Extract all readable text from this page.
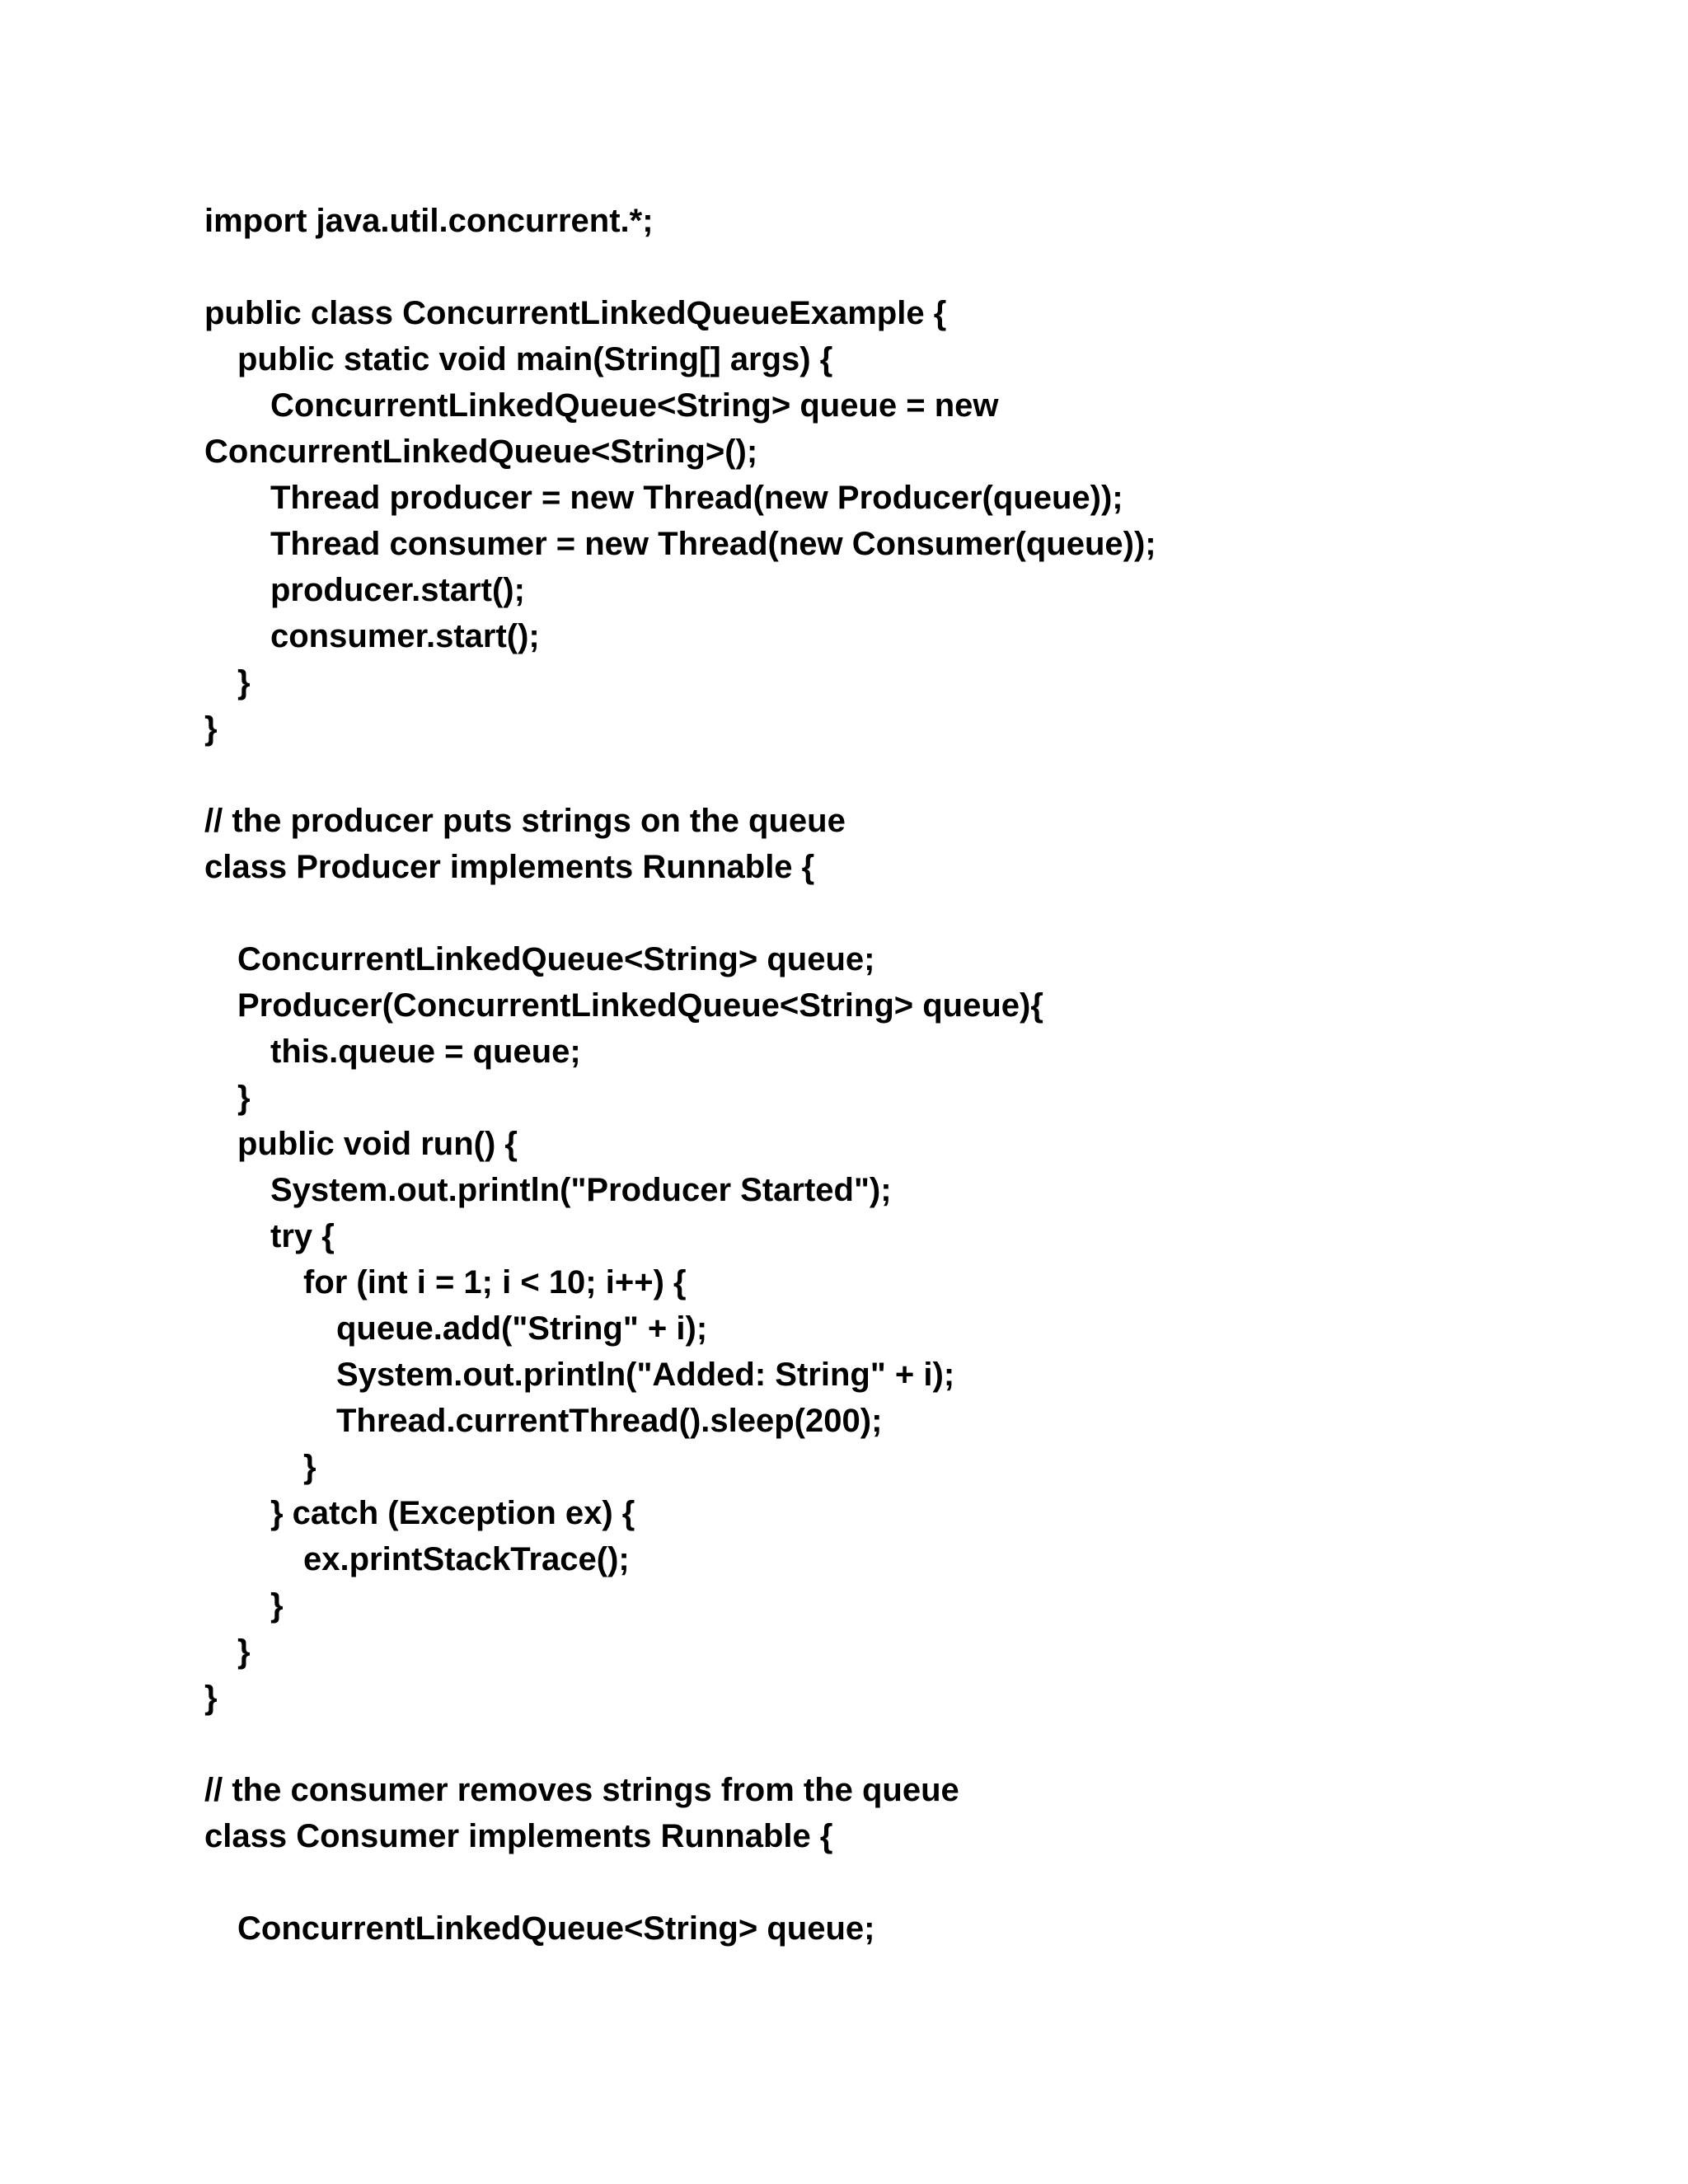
import java.util.concurrent.*;
public class ConcurrentLinkedQueueExample {
public static void main(String[] args) {
ConcurrentLinkedQueue<String> queue = new
ConcurrentLinkedQueue<String>();
Thread producer = new Thread(new Producer(queue));
Thread consumer = new Thread(new Consumer(queue));
producer.start();
consumer.start();
}
}
// the producer puts strings on the queue
class Producer implements Runnable {
ConcurrentLinkedQueue<String> queue;
Producer(ConcurrentLinkedQueue<String> queue){
this.queue = queue;
}
public void run() {
System.out.println("Producer Started");
try {
for (int i = 1; i < 10; i++) {
queue.add("String" + i);
System.out.println("Added: String" + i);
Thread.currentThread().sleep(200);
}
} catch (Exception ex) {
ex.printStackTrace();
}
}
}
// the consumer removes strings from the queue
class Consumer implements Runnable {
ConcurrentLinkedQueue<String> queue;
